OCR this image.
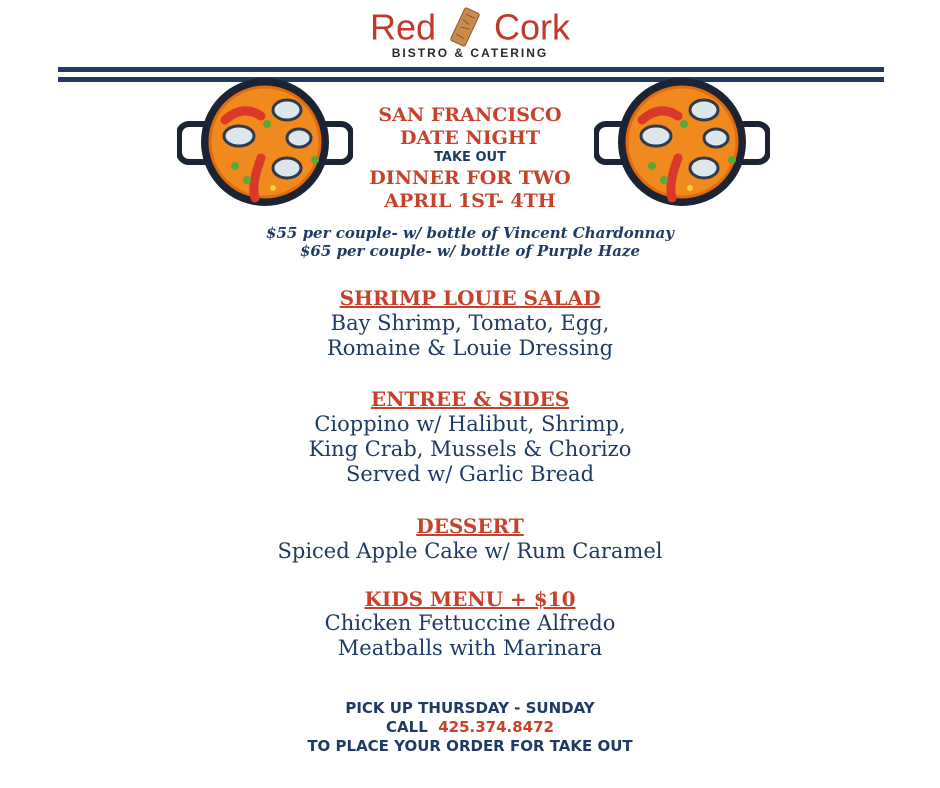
Red Cork
BISTRO & CATERING
SAN FRANCISCO
DATE NIGHT
TAKE OUT
DINNER FOR TWO
APRIL 1ST- 4TH
$55 per couple- w/ bottle of Vincent Chardonnay
$65 per couple- w/ bottle of Purple Haze
SHRIMP LOUIE SALAD
Bay Shrimp, Tomato, Egg,
Romaine & Louie Dressing
ENTREE & SIDES
Cioppino w/ Halibut, Shrimp,
King Crab, Mussels & Chorizo
Served w/ Garlic Bread
DESSERT
Spiced Apple Cake w/ Rum Caramel
KIDS MENU + $10
Chicken Fettuccine Alfredo
Meatballs with Marinara
PICK UP THURSDAY - SUNDAY
CALL 425.374.8472
TO PLACE YOUR ORDER FOR TAKE OUT
